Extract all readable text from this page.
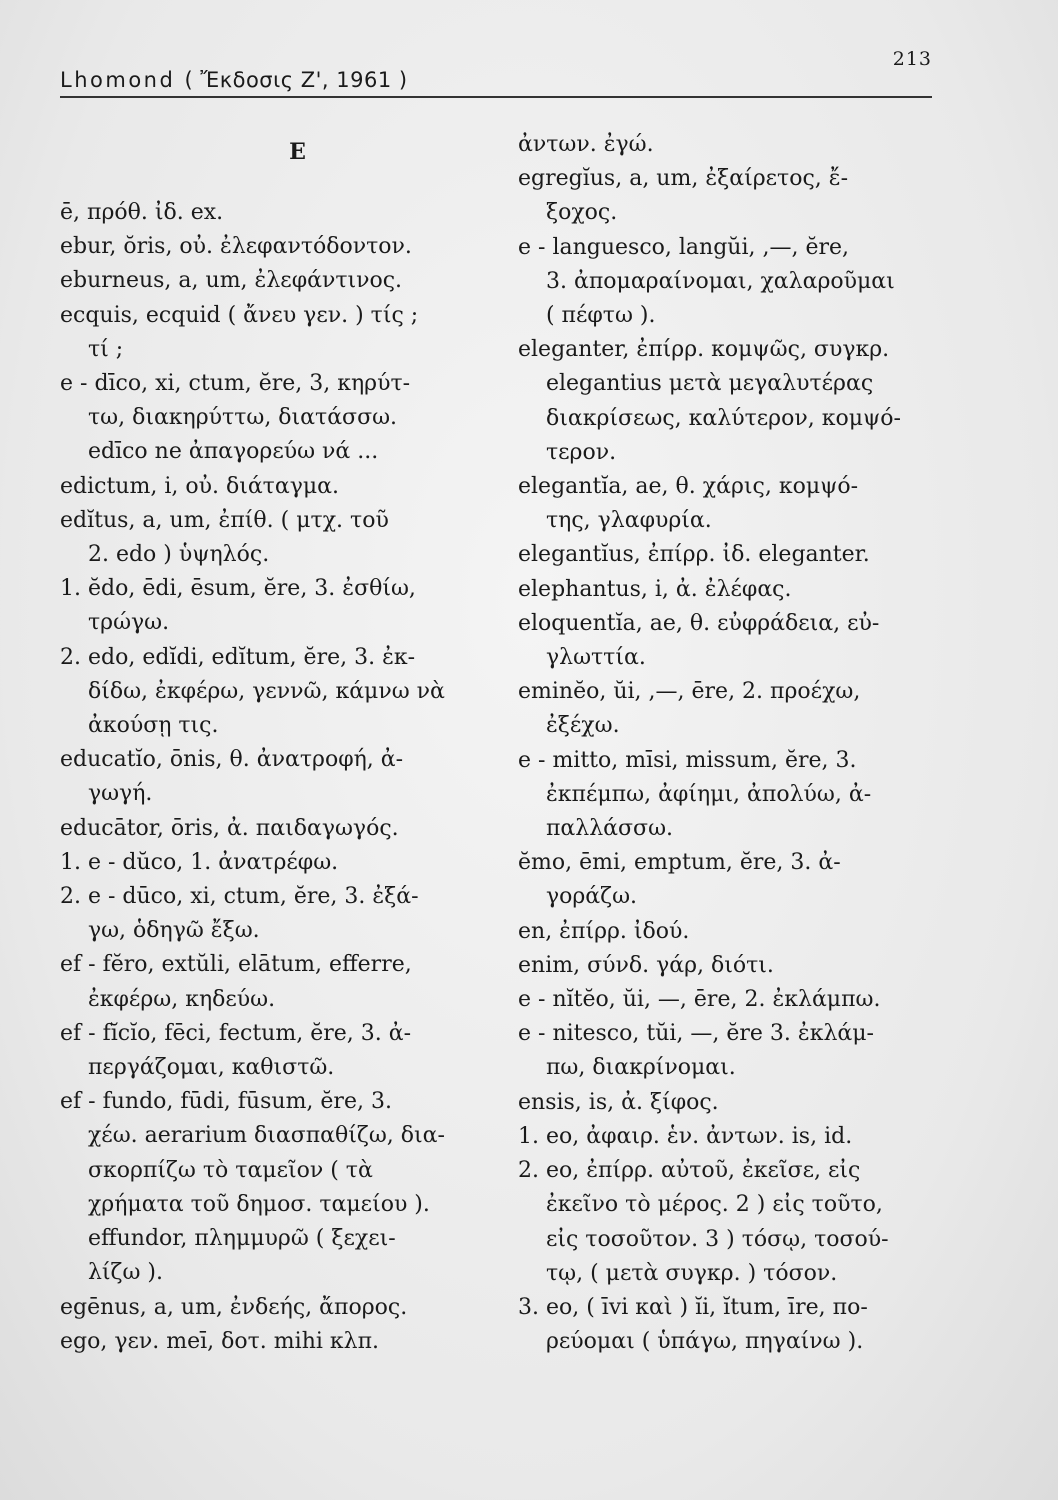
Lhomond ( Ἔκδοσις Ζ', 1961 )
213
E
ē, πρόθ. ἰδ. ex.
ebur, ŏris, οὐ. ἐλεφαντόδοντον.
eburneus, a, um, ἐλεφάντινος.
ecquis, ecquid ( ἄνευ γεν. ) τίς ;
τί ;
e - dīco, xi, ctum, ĕre, 3, κηρύτ-
τω, διακηρύττω, διατάσσω.
edīco ne ἀπαγορεύω νά ...
edictum, i, οὐ. διάταγμα.
edĭtus, a, um, ἐπίθ. ( μτχ. τοῦ
2. edo ) ὑψηλός.
1. ĕdo, ēdi, ēsum, ĕre, 3. ἐσθίω,
τρώγω.
2. edo, edĭdi, edĭtum, ĕre, 3. ἐκ-
δίδω, ἐκφέρω, γεννῶ, κάμνω νὰ
ἀκούσῃ τις.
educatĭo, ōnis, θ. ἀνατροφή, ἀ-
γωγή.
educātor, ōris, ἀ. παιδαγωγός.
1. e - dŭco, 1. ἀνατρέφω.
2. e - dūco, xi, ctum, ĕre, 3. ἐξά-
γω, ὁδηγῶ ἔξω.
ef - fĕro, extŭli, elātum, efferre,
ἐκφέρω, κηδεύω.
ef - fĭcĭo, fēci, fectum, ĕre, 3. ἀ-
περγάζομαι, καθιστῶ.
ef - fundo, fūdi, fūsum, ĕre, 3.
χέω. aerarium διασπαθίζω, δια-
σκορπίζω τὸ ταμεῖον ( τὰ
χρήματα τοῦ δημοσ. ταμείου ).
effundor, πλημμυρῶ ( ξεχει-
λίζω ).
egēnus, a, um, ἐνδεής, ἄπορος.
ego, γεν. meī, δοτ. mihi κλπ.
ἀντων. ἐγώ.
egregĭus, a, um, ἐξαίρετος, ἔ-
ξοχος.
e - languesco, langŭi, ,—, ĕre,
3. ἀπομαραίνομαι, χαλαροῦμαι
( πέφτω ).
eleganter, ἐπίρρ. κομψῶς, συγκρ.
elegantius μετὰ μεγαλυτέρας
διακρίσεως, καλύτερον, κομψό-
τερον.
elegantĭa, ae, θ. χάρις, κομψό-
της, γλαφυρία.
elegantĭus, ἐπίρρ. ἰδ. eleganter.
elephantus, i, ἀ. ἐλέφας.
eloquentĭa, ae, θ. εὐφράδεια, εὐ-
γλωττία.
eminĕo, ŭi, ,—, ēre, 2. προέχω,
ἐξέχω.
e - mitto, mīsi, missum, ĕre, 3.
ἐκπέμπω, ἀφίημι, ἀπολύω, ἀ-
παλλάσσω.
ĕmo, ēmi, emptum, ĕre, 3. ἀ-
γοράζω.
en, ἐπίρρ. ἰδού.
enim, σύνδ. γάρ, διότι.
e - nĭtĕo, ŭi, —, ēre, 2. ἐκλάμπω.
e - nitesco, tŭi, —, ĕre 3. ἐκλάμ-
πω, διακρίνομαι.
ensis, is, ἀ. ξίφος.
1. eo, ἀφαιρ. ἑν. ἀντων. is, id.
2. eo, ἐπίρρ. αὐτοῦ, ἐκεῖσε, εἰς
ἐκεῖνο τὸ μέρος. 2 ) εἰς τοῦτο,
εἰς τοσοῦτον. 3 ) τόσῳ, τοσού-
τῳ, ( μετὰ συγκρ. ) τόσον.
3. eo, ( īvi καὶ ) ĭi, ĭtum, īre, πο-
ρεύομαι ( ὑπάγω, πηγαίνω ).
